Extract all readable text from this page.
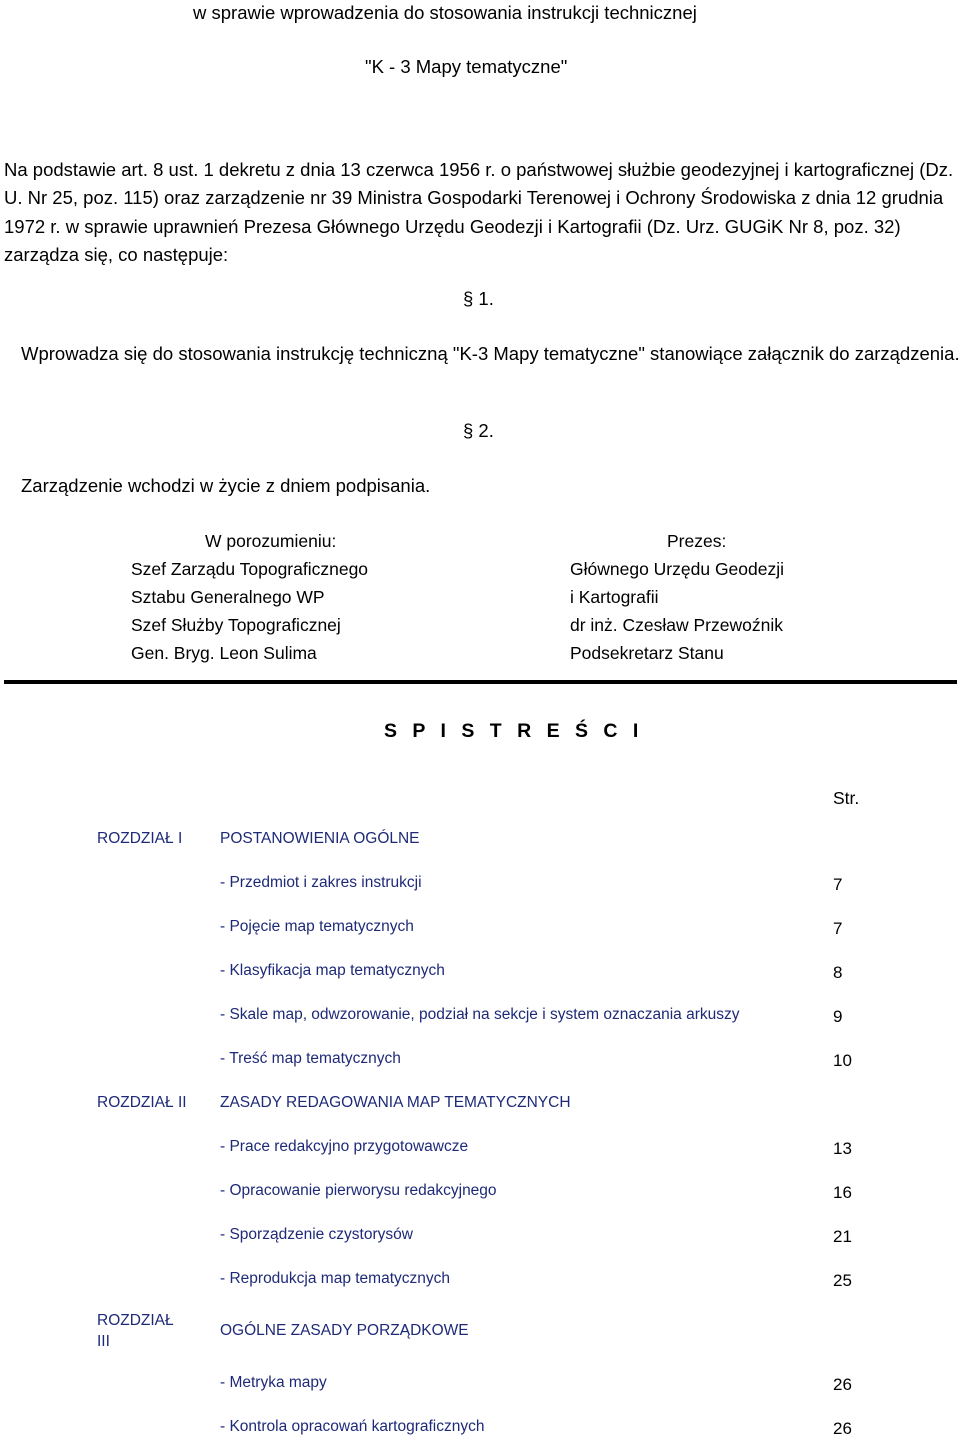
w sprawie wprowadzenia do stosowania instrukcji technicznej
"K - 3 Mapy tematyczne"
Na podstawie art. 8 ust. 1 dekretu z dnia 13 czerwca 1956 r. o państwowej służbie geodezyjnej i kartograficznej (Dz. U. Nr 25, poz. 115) oraz zarządzenie nr 39 Ministra Gospodarki Terenowej i Ochrony Środowiska z dnia 12 grudnia 1972 r. w sprawie uprawnień Prezesa Głównego Urzędu Geodezji i Kartografii (Dz. Urz. GUGiK Nr 8, poz. 32) zarządza się, co następuje:
§ 1.
Wprowadza się do stosowania instrukcję techniczną "K-3 Mapy tematyczne" stanowiące załącznik do zarządzenia.
§ 2.
Zarządzenie wchodzi w życie z dniem podpisania.
W porozumieniu:
Szef Zarządu Topograficznego
Sztabu Generalnego WP
Szef Służby Topograficznej
Gen. Bryg. Leon Sulima
Prezes:
Głównego Urzędu Geodezji
i Kartografii
dr inż. Czesław Przewoźnik
Podsekretarz Stanu
S P I S T R E Ś C I
Str.
ROZDZIAŁ I POSTANOWIENIA OGÓLNE
- Przedmiot i zakres instrukcji	7
- Pojęcie map tematycznych	7
- Klasyfikacja map tematycznych	8
- Skale map, odwzorowanie, podział na sekcje i system oznaczania arkuszy	9
- Treść map tematycznych	10
ROZDZIAŁ II ZASADY REDAGOWANIA MAP TEMATYCZNYCH
- Prace redakcyjno przygotowawcze	13
- Opracowanie pierworysu redakcyjnego	16
- Sporządzenie czystorysów	21
- Reprodukcja map tematycznych	25
ROZDZIAŁ
III
OGÓLNE ZASADY PORZĄDKOWE
- Metryka mapy	26
- Kontrola opracowań kartograficznych	26
